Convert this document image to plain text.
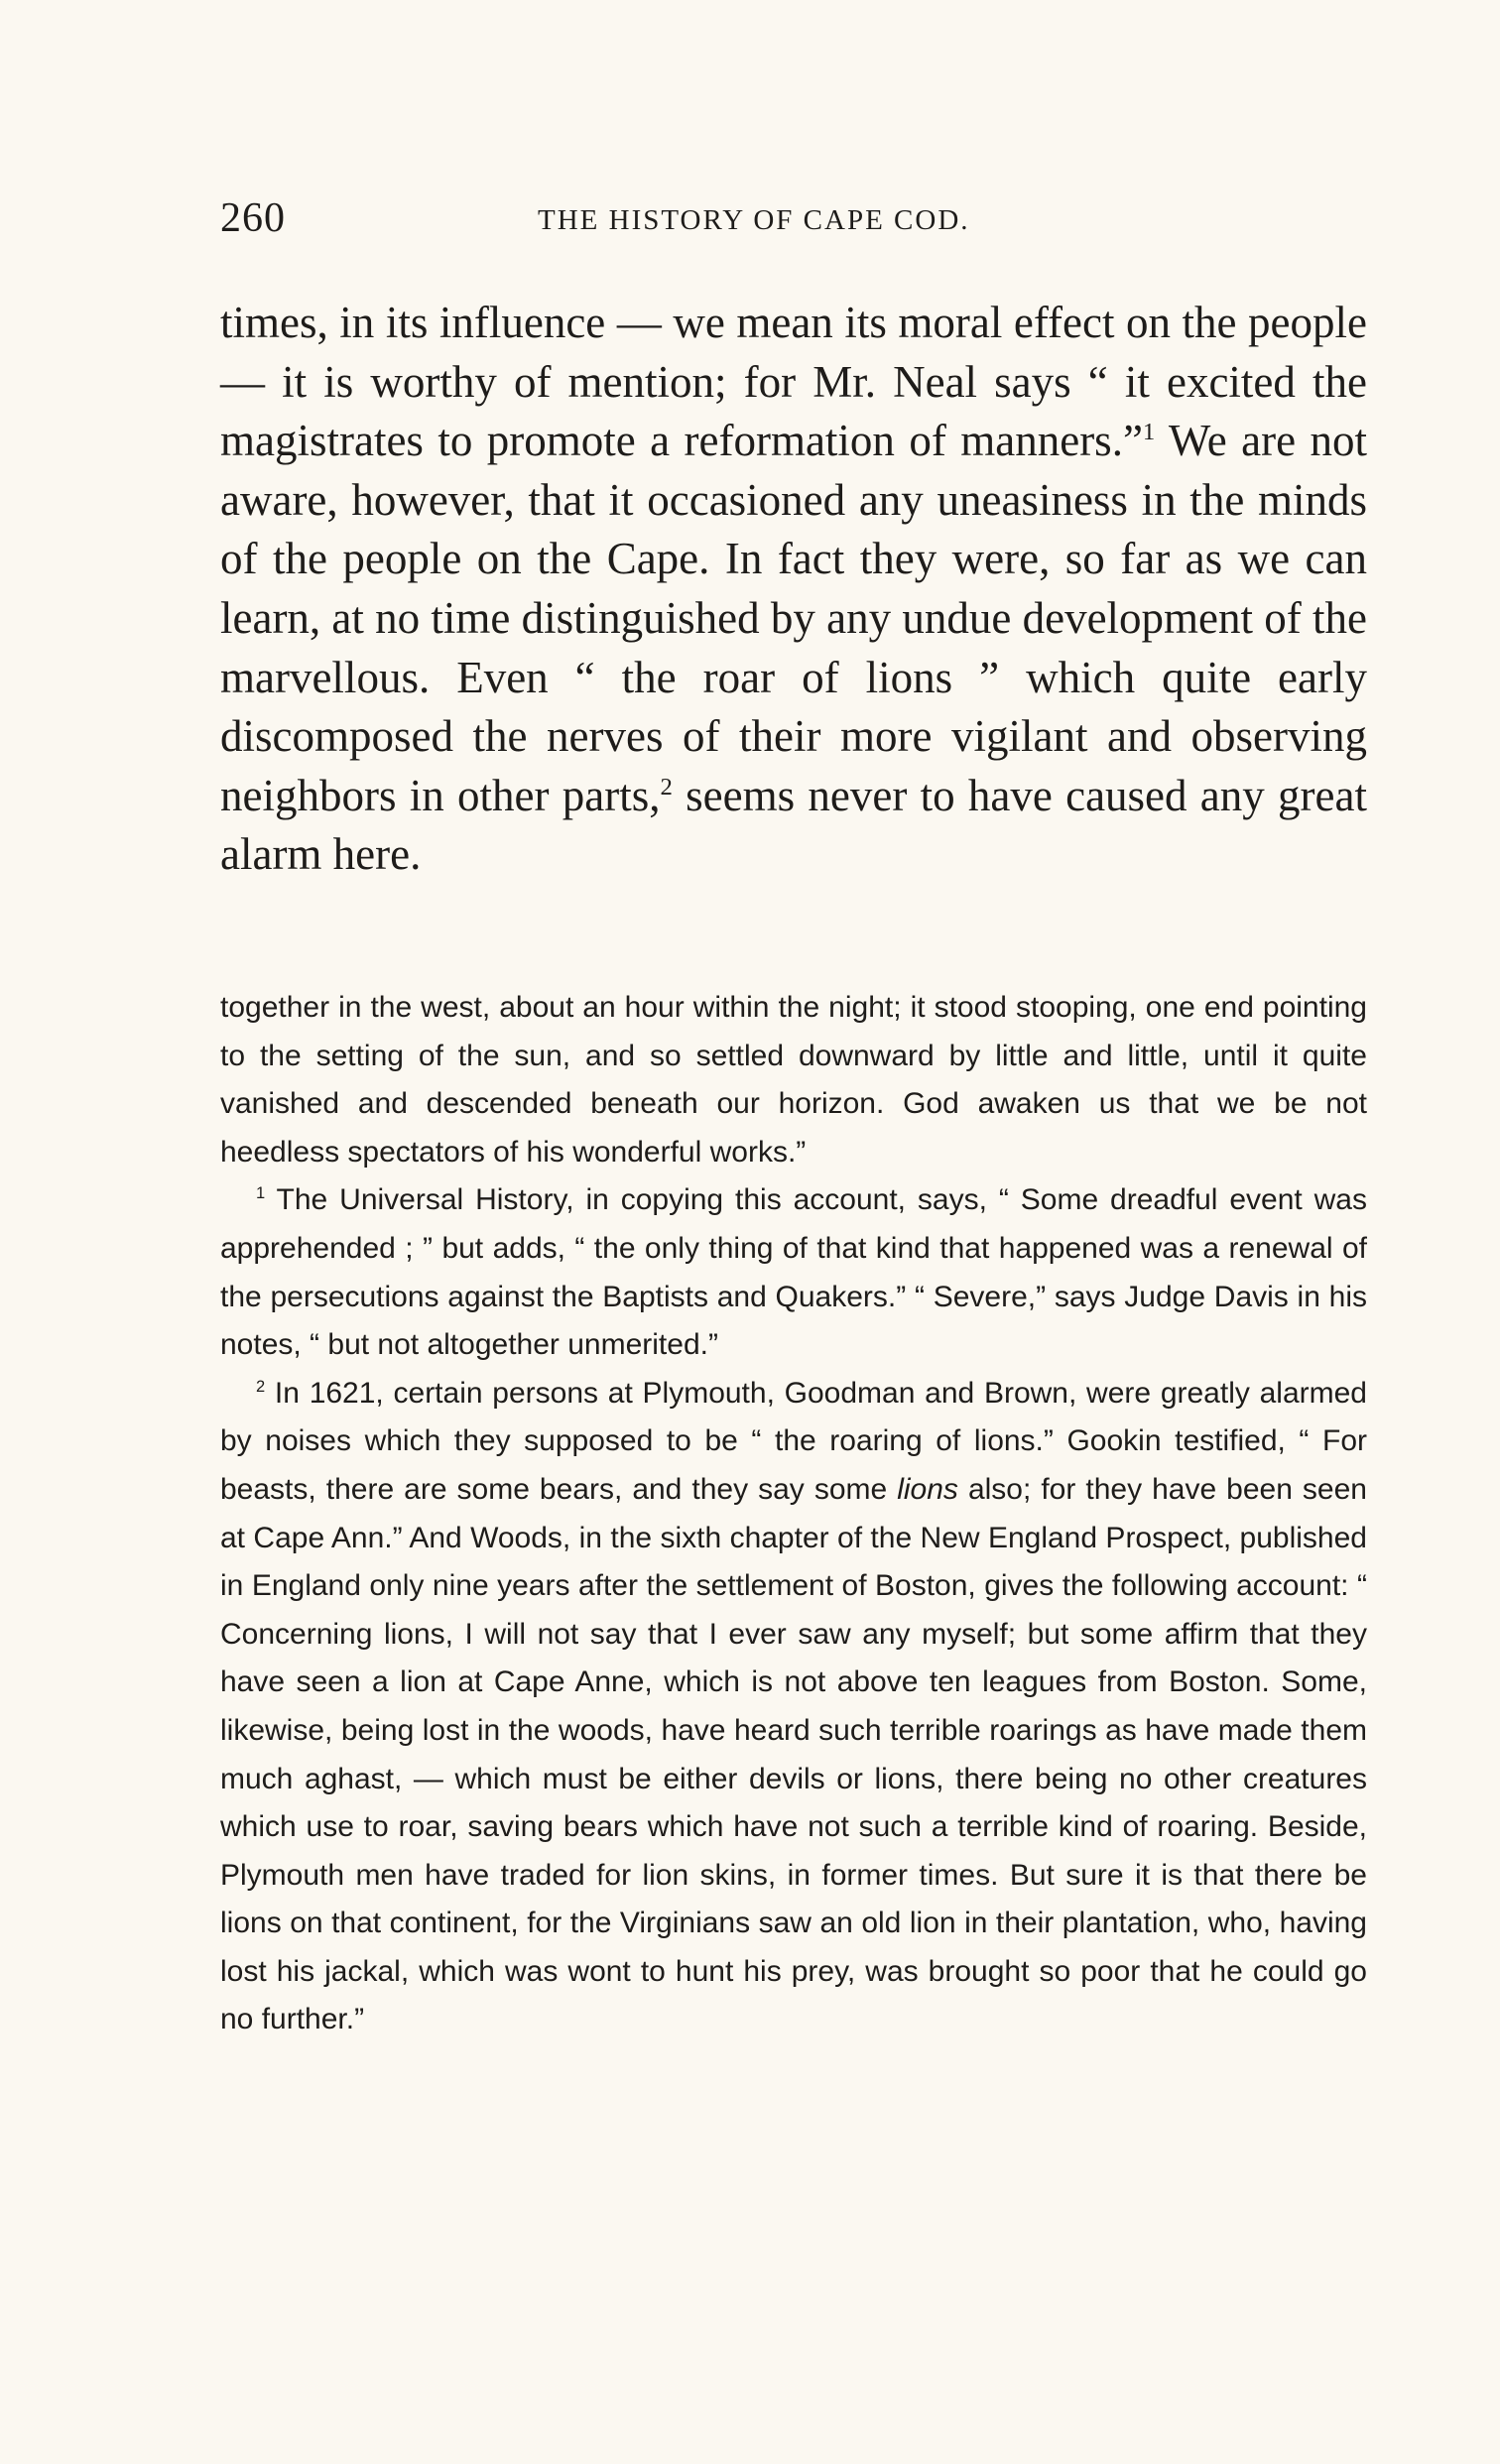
260	THE HISTORY OF CAPE COD.

times, in its influence — we mean its moral effect on the people — it is worthy of mention; for Mr. Neal says “ it excited the magistrates to promote a reformation of manners.”$^1$ We are not aware, however, that it occasioned any uneasiness in the minds of the people on the Cape. In fact they were, so far as we can learn, at no time distinguished by any undue development of the marvellous. Even “ the roar of lions ” which quite early discomposed the nerves of their more vigilant and observing neighbors in other parts,$^2$ seems never to have caused any great alarm here.

together in the west, about an hour within the night; it stood stooping, one end pointing to the setting of the sun, and so settled downward by little and little, until it quite vanished and descended beneath our horizon. God awaken us that we be not heedless spectators of his wonderful works.”

$^1$ The Universal History, in copying this account, says, “ Some dreadful event was apprehended ; ” but adds, “ the only thing of that kind that happened was a renewal of the persecutions against the Baptists and Quakers.” “ Severe,” says Judge Davis in his notes, “ but not altogether unmerited.”

$^2$ In 1621, certain persons at Plymouth, Goodman and Brown, were greatly alarmed by noises which they supposed to be “ the roaring of lions.” Gookin testified, “ For beasts, there are some bears, and they say some lions also; for they have been seen at Cape Ann.” And Woods, in the sixth chapter of the New England Prospect, published in England only nine years after the settlement of Boston, gives the following account: “ Concerning lions, I will not say that I ever saw any myself; but some affirm that they have seen a lion at Cape Anne, which is not above ten leagues from Boston. Some, likewise, being lost in the woods, have heard such terrible roarings as have made them much aghast, — which must be either devils or lions, there being no other creatures which use to roar, saving bears which have not such a terrible kind of roaring. Beside, Plymouth men have traded for lion skins, in former times. But sure it is that there be lions on that continent, for the Virginians saw an old lion in their plantation, who, having lost his jackal, which was wont to hunt his prey, was brought so poor that he could go no further.”
